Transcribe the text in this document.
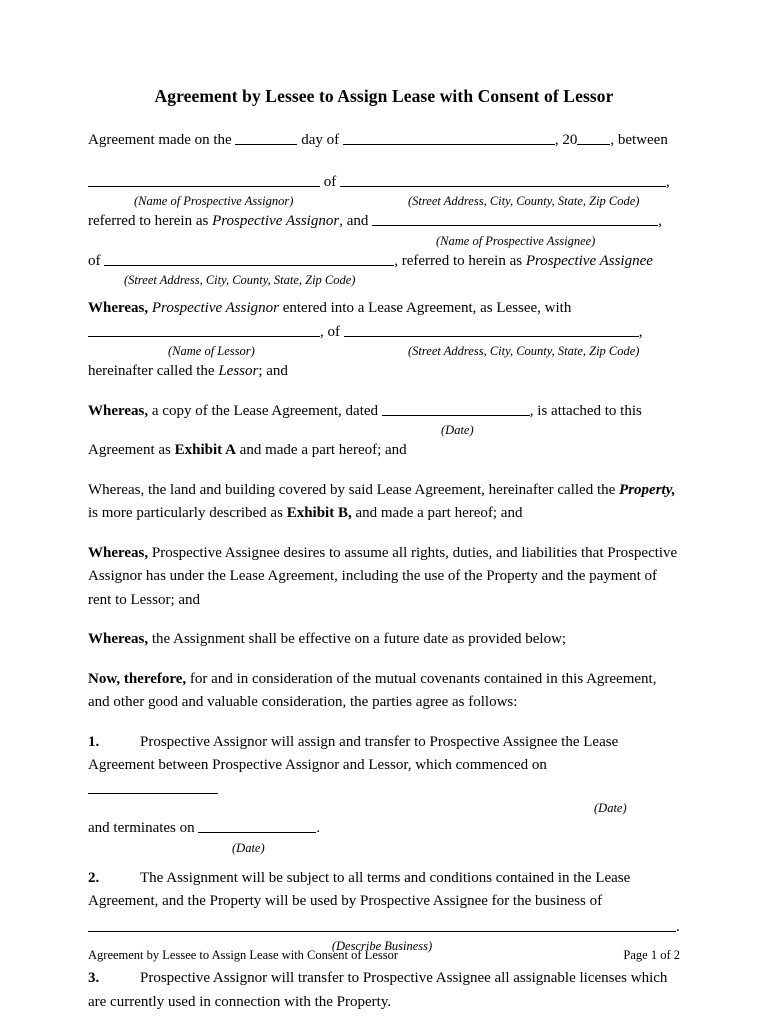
Agreement by Lessee to Assign Lease with Consent of Lessor

Agreement made on the	day of	, 20 , between

of	,

(Name of Prospective Assignor)	(Street Address, City, County, State, Zip Code)

referred to herein as Prospective Assignor, and	,

(Name of Prospective Assignee)

of	, referred to herein as Prospective Assignee

(Street Address, City, County, State, Zip Code)

Whereas, Prospective Assignor entered into a Lease Agreement, as Lessee, with

, of	,

(Name of Lessor)	(Street Address, City, County, State, Zip Code)

hereinafter called the Lessor; and

Whereas, a copy of the Lease Agreement, dated	, is attached to this

(Date)

Agreement as Exhibit A and made a part hereof; and

Whereas, the land and building covered by said Lease Agreement, hereinafter called the Property, is more particularly described as Exhibit B, and made a part hereof; and

Whereas, Prospective Assignee desires to assume all rights, duties, and liabilities that Prospective Assignor has under the Lease Agreement, including the use of the Property and the payment of rent to Lessor; and

Whereas, the Assignment shall be effective on a future date as provided below;

Now, therefore, for and in consideration of the mutual covenants contained in this Agreement, and other good and valuable consideration, the parties agree as follows:

1.	Prospective Assignor will assign and transfer to Prospective Assignee the Lease Agreement between Prospective Assignor and Lessor, which commenced on

(Date)

and terminates on	.

(Date)

2.	The Assignment will be subject to all terms and conditions contained in the Lease Agreement, and the Property will be used by Prospective Assignee for the business of

.

(Describe Business)

3.	Prospective Assignor will transfer to Prospective Assignee all assignable licenses which are currently used in connection with the Property.

Agreement by Lessee to Assign Lease with Consent of Lessor	Page 1 of 2
